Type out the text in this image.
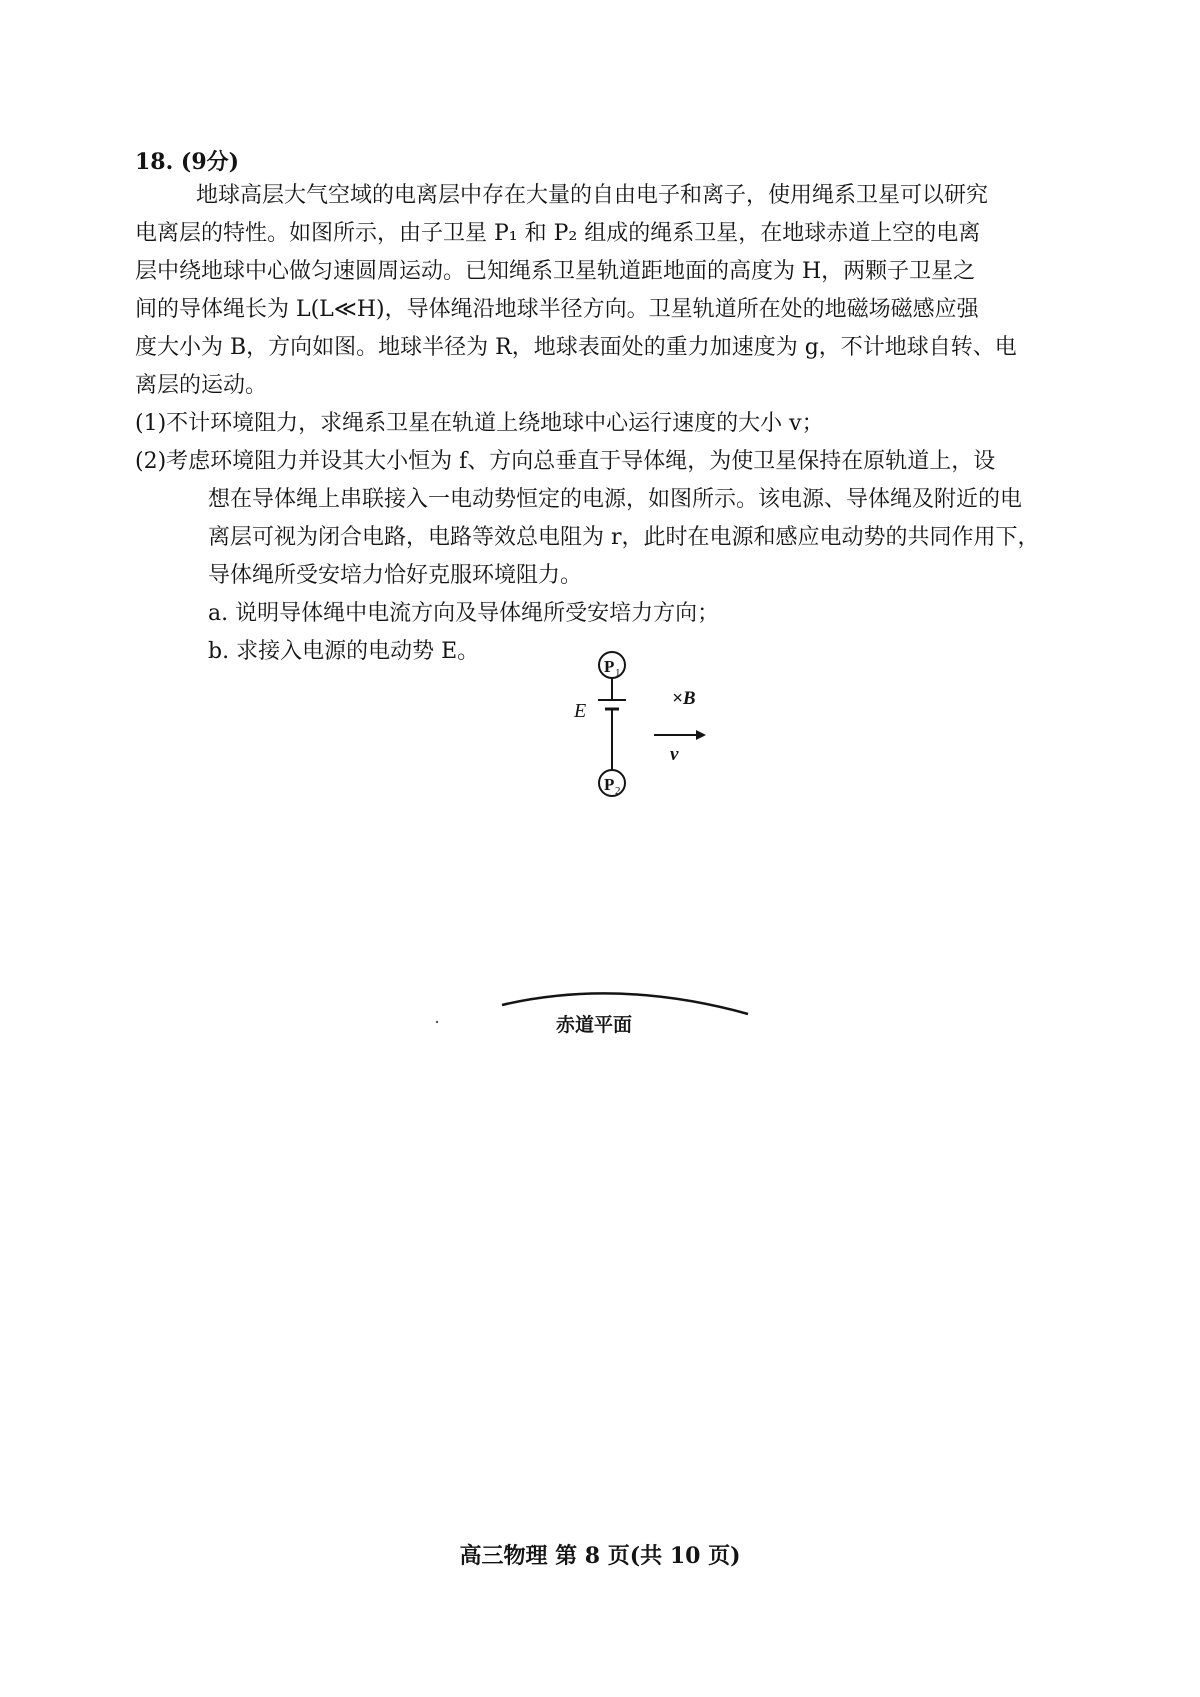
18. (9分)
地球高层大气空域的电离层中存在大量的自由电子和离子，使用绳系卫星可以研究
电离层的特性。如图所示，由子卫星 P₁ 和 P₂ 组成的绳系卫星，在地球赤道上空的电离
层中绕地球中心做匀速圆周运动。已知绳系卫星轨道距地面的高度为 H，两颗子卫星之
间的导体绳长为 L(L≪H)，导体绳沿地球半径方向。卫星轨道所在处的地磁场磁感应强
度大小为 B，方向如图。地球半径为 R，地球表面处的重力加速度为 g，不计地球自转、电
离层的运动。
(1)不计环境阻力，求绳系卫星在轨道上绕地球中心运行速度的大小 v；
(2)考虑环境阻力并设其大小恒为 f、方向总垂直于导体绳，为使卫星保持在原轨道上，设
想在导体绳上串联接入一电动势恒定的电源，如图所示。该电源、导体绳及附近的电
离层可视为闭合电路，电路等效总电阻为 r，此时在电源和感应电动势的共同作用下，
导体绳所受安培力恰好克服环境阻力。
a. 说明导体绳中电流方向及导体绳所受安培力方向；
b. 求接入电源的电动势 E。
P 1
P 2
E
×B
v
赤道平面
高三物理 第 8 页(共 10 页)
